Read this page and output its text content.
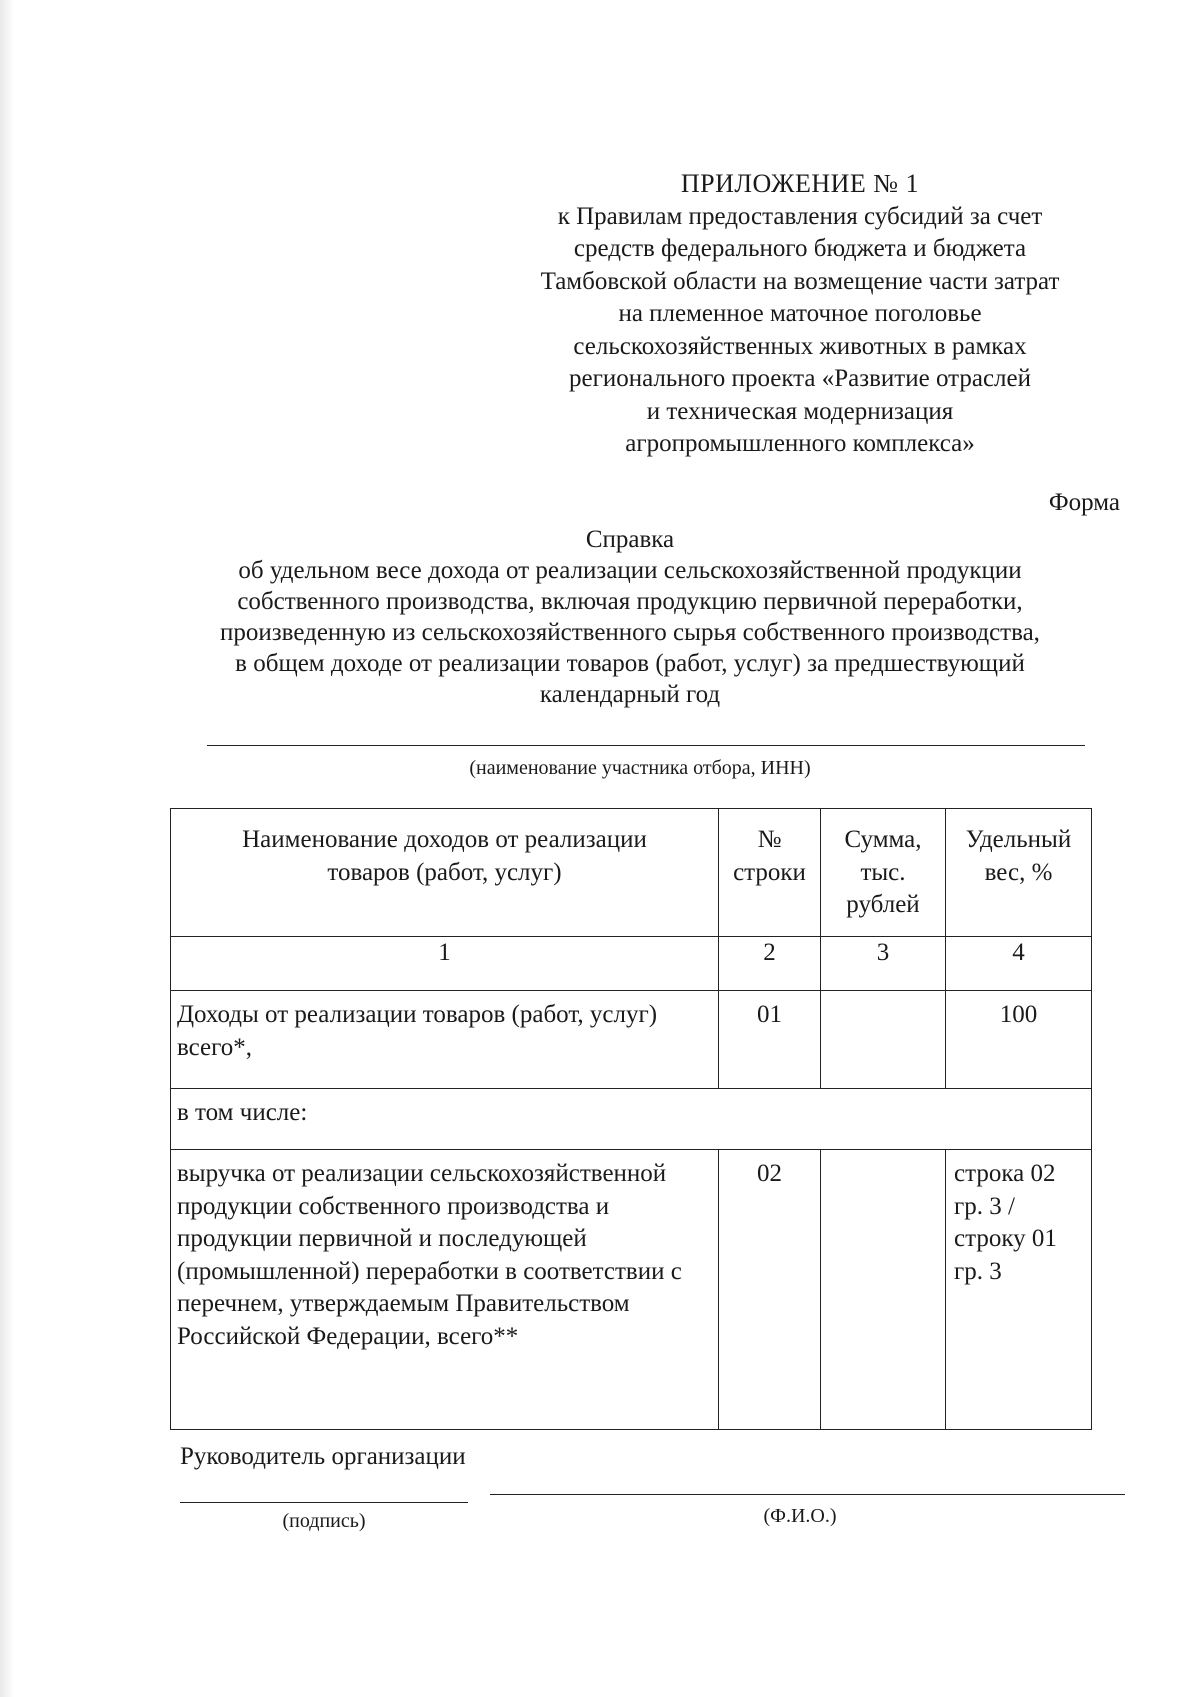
ПРИЛОЖЕНИЕ № 1
к Правилам предоставления субсидий за счет
средств федерального бюджета и бюджета
Тамбовской области на возмещение части затрат
на племенное маточное поголовье
сельскохозяйственных животных в рамках
регионального проекта «Развитие отраслей
и техническая модернизация
агропромышленного комплекса»
Форма
Справка
об удельном весе дохода от реализации сельскохозяйственной продукции
собственного производства, включая продукцию первичной переработки,
произведенную из сельскохозяйственного сырья собственного производства,
в общем доходе от реализации товаров (работ, услуг) за предшествующий
календарный год
(наименование участника отбора, ИНН)
Наименование доходов от реализации товаров (работ, услуг)	№ строки	Сумма, тыс. рублей	Удельный вес, %

1	2	3	4
Доходы от реализации товаров (работ, услуг) всего*,	01		100
в том числе:			
выручка от реализации сельскохозяйственной продукции собственного производства и продукции первичной и последующей (промышленной) переработки в соответствии с перечнем, утверждаемым Правительством Российской Федерации, всего**	02		строка 02 гр. 3 / строку 01 гр. 3
Руководитель организации
(подпись)	(Ф.И.О.)
